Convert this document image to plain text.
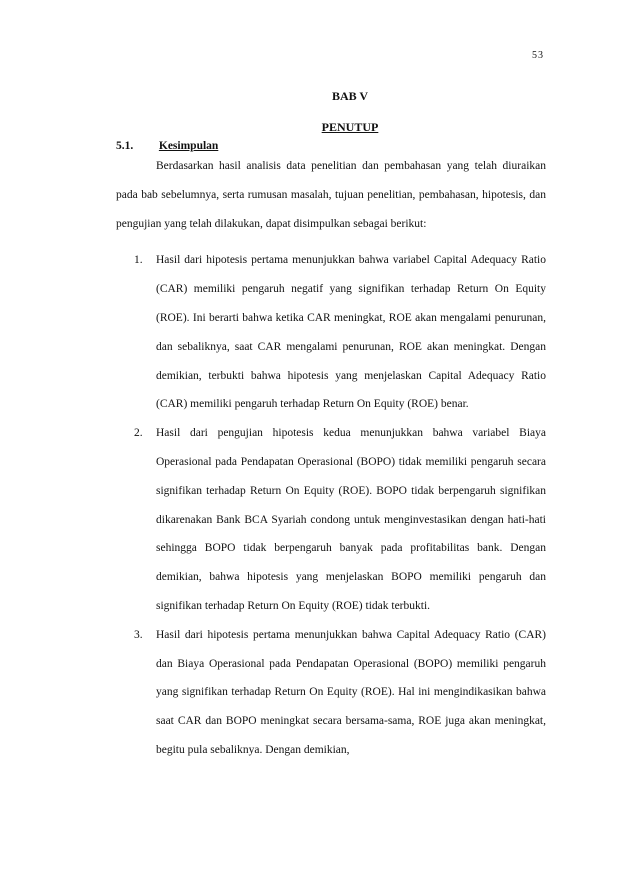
53
BAB V
PENUTUP
5.1. Kesimpulan

Berdasarkan hasil analisis data penelitian dan pembahasan yang telah diuraikan pada bab sebelumnya, serta rumusan masalah, tujuan penelitian, pembahasan, hipotesis, dan pengujian yang telah dilakukan, dapat disimpulkan sebagai berikut:

1. Hasil dari hipotesis pertama menunjukkan bahwa variabel Capital Adequacy Ratio (CAR) memiliki pengaruh negatif yang signifikan terhadap Return On Equity (ROE). Ini berarti bahwa ketika CAR meningkat, ROE akan mengalami penurunan, dan sebaliknya, saat CAR mengalami penurunan, ROE akan meningkat. Dengan demikian, terbukti bahwa hipotesis yang menjelaskan Capital Adequacy Ratio (CAR) memiliki pengaruh terhadap Return On Equity (ROE) benar.
2. Hasil dari pengujian hipotesis kedua menunjukkan bahwa variabel Biaya Operasional pada Pendapatan Operasional (BOPO) tidak memiliki pengaruh secara signifikan terhadap Return On Equity (ROE). BOPO tidak berpengaruh signifikan dikarenakan Bank BCA Syariah condong untuk menginvestasikan dengan hati-hati sehingga BOPO tidak berpengaruh banyak pada profitabilitas bank. Dengan demikian, bahwa hipotesis yang menjelaskan BOPO memiliki pengaruh dan signifikan terhadap Return On Equity (ROE) tidak terbukti.
3. Hasil dari hipotesis pertama menunjukkan bahwa Capital Adequacy Ratio (CAR) dan Biaya Operasional pada Pendapatan Operasional (BOPO) memiliki pengaruh yang signifikan terhadap Return On Equity (ROE). Hal ini mengindikasikan bahwa saat CAR dan BOPO meningkat secara bersama-sama, ROE juga akan meningkat, begitu pula sebaliknya. Dengan demikian,
